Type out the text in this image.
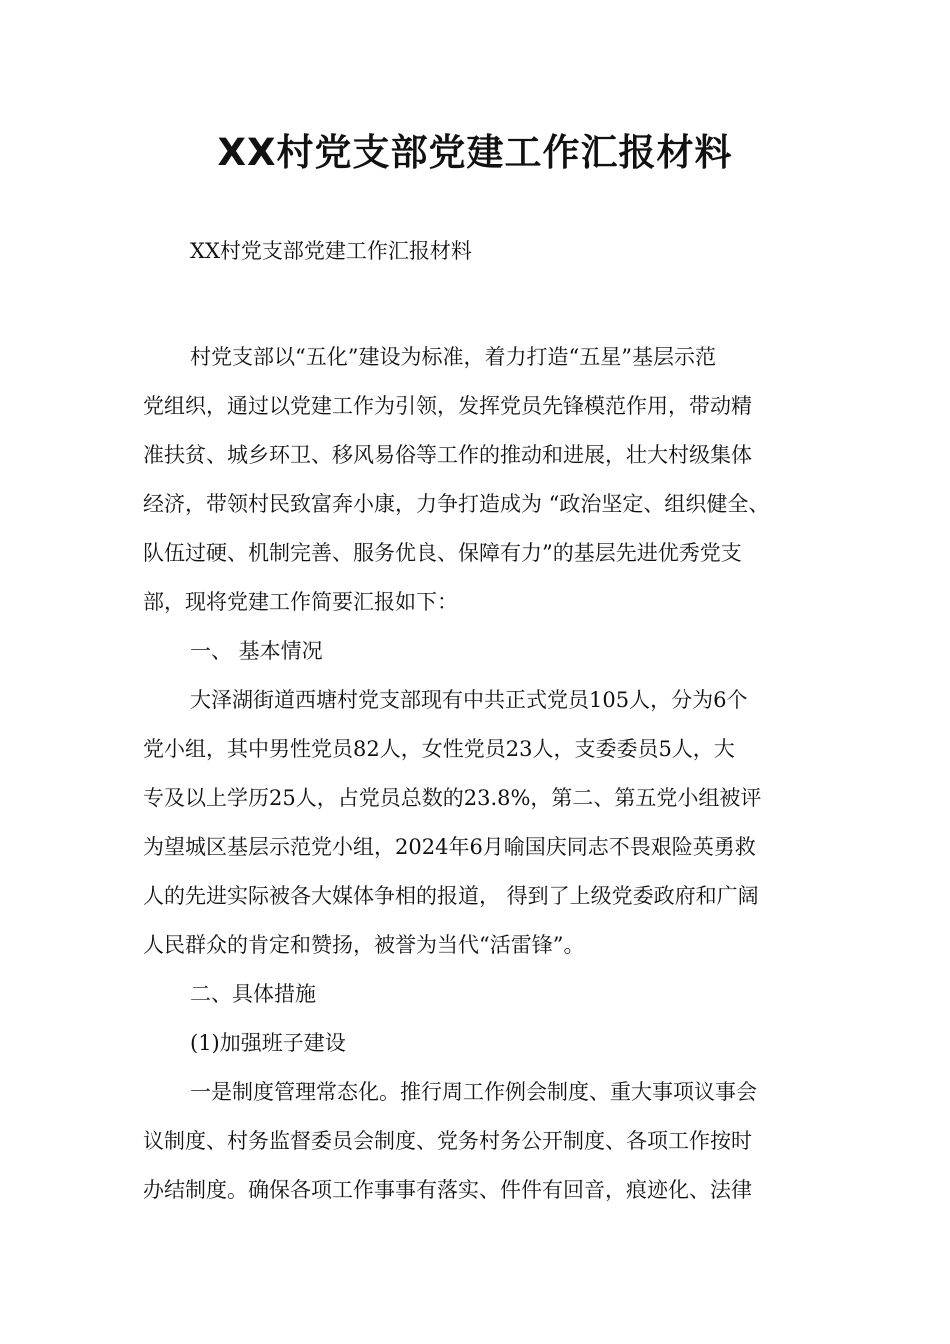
XX村党支部党建工作汇报材料

XX村党支部党建工作汇报材料

村党支部以“五化”建设为标准，着力打造“五星”基层示范
党组织，通过以党建工作为引领，发挥党员先锋模范作用，带动精
准扶贫、城乡环卫、移风易俗等工作的推动和进展，壮大村级集体
经济，带领村民致富奔小康，力争打造成为 “政治坚定、组织健全、
队伍过硬、机制完善、服务优良、保障有力”的基层先进优秀党支
部，现将党建工作简要汇报如下：

一、 基本情况

大泽湖街道西塘村党支部现有中共正式党员105人，分为6个
党小组，其中男性党员82人，女性党员23人，支委委员5人，大
专及以上学历25人，占党员总数的23.8%，第二、第五党小组被评
为望城区基层示范党小组，2024年6月喻国庆同志不畏艰险英勇救
人的先进实际被各大媒体争相的报道， 得到了上级党委政府和广阔
人民群众的肯定和赞扬，被誉为当代“活雷锋”。

二、具体措施

(1)加强班子建设

一是制度管理常态化。推行周工作例会制度、重大事项议事会
议制度、村务监督委员会制度、党务村务公开制度、各项工作按时
办结制度。确保各项工作事事有落实、件件有回音，痕迹化、法律
